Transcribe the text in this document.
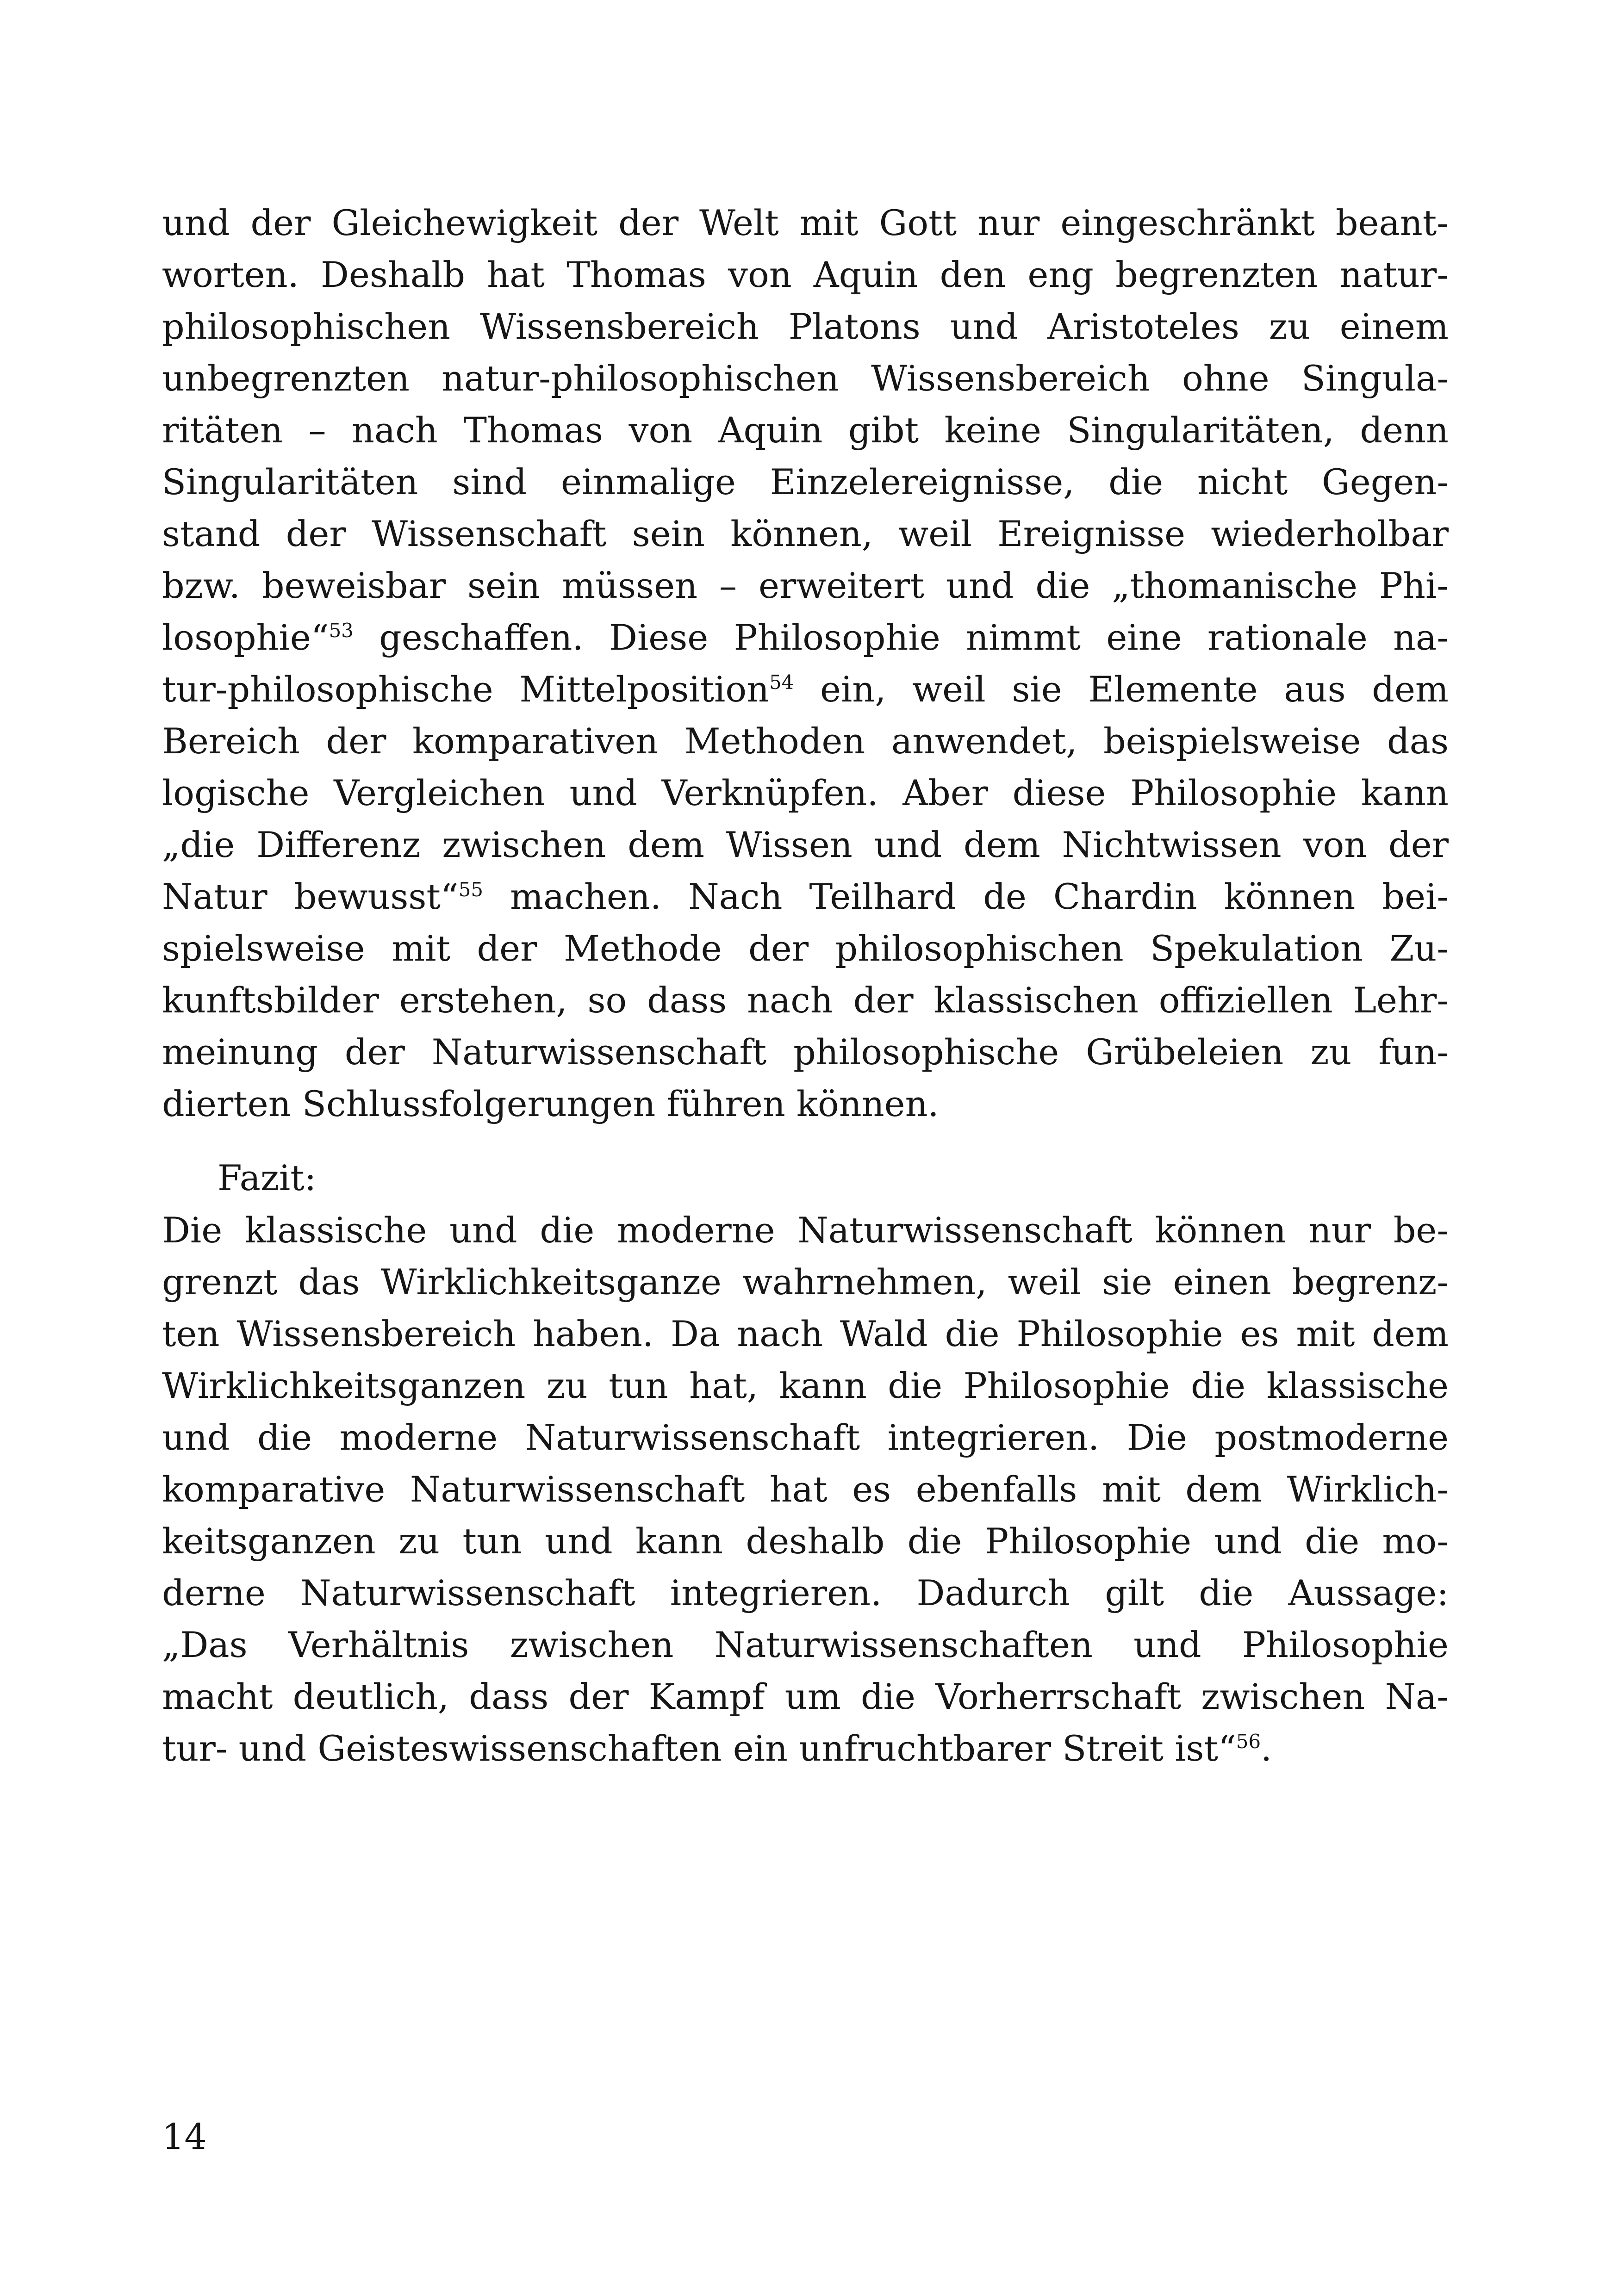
und der Gleichewigkeit der Welt mit Gott nur eingeschränkt beant-
worten. Deshalb hat Thomas von Aquin den eng begrenzten natur-
philosophischen Wissensbereich Platons und Aristoteles zu einem
unbegrenzten natur-philosophischen Wissensbereich ohne Singula-
ritäten – nach Thomas von Aquin gibt keine Singularitäten, denn
Singularitäten sind einmalige Einzelereignisse, die nicht Gegen-
stand der Wissenschaft sein können, weil Ereignisse wiederholbar
bzw. beweisbar sein müssen – erweitert und die „thomanische Phi-
losophie“$^{53}$ geschaffen. Diese Philosophie nimmt eine rationale na-
tur-philosophische Mittelposition$^{54}$ ein, weil sie Elemente aus dem
Bereich der komparativen Methoden anwendet, beispielsweise das
logische Vergleichen und Verknüpfen. Aber diese Philosophie kann
„die Differenz zwischen dem Wissen und dem Nichtwissen von der
Natur bewusst“$^{55}$ machen. Nach Teilhard de Chardin können bei-
spielsweise mit der Methode der philosophischen Spekulation Zu-
kunftsbilder erstehen, so dass nach der klassischen offiziellen Lehr-
meinung der Naturwissenschaft philosophische Grübeleien zu fun-
dierten Schlussfolgerungen führen können.
Fazit:
Die klassische und die moderne Naturwissenschaft können nur be-
grenzt das Wirklichkeitsganze wahrnehmen, weil sie einen begrenz-
ten Wissensbereich haben. Da nach Wald die Philosophie es mit dem
Wirklichkeitsganzen zu tun hat, kann die Philosophie die klassische
und die moderne Naturwissenschaft integrieren. Die postmoderne
komparative Naturwissenschaft hat es ebenfalls mit dem Wirklich-
keitsganzen zu tun und kann deshalb die Philosophie und die mo-
derne Naturwissenschaft integrieren. Dadurch gilt die Aussage:
„Das Verhältnis zwischen Naturwissenschaften und Philosophie
macht deutlich, dass der Kampf um die Vorherrschaft zwischen Na-
tur- und Geisteswissenschaften ein unfruchtbarer Streit ist“$^{56}$.
14
